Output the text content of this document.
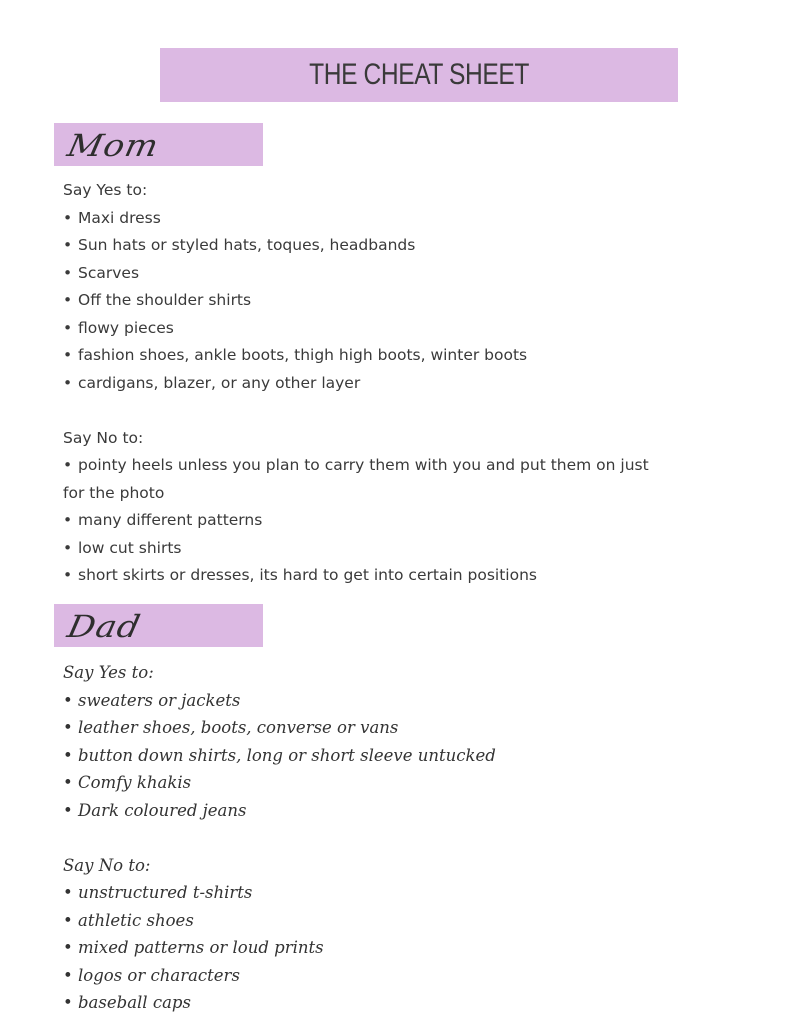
THE CHEAT SHEET
Mom
Say Yes to:
• Maxi dress
• Sun hats or styled hats, toques, headbands
• Scarves
• Off the shoulder shirts
• flowy pieces
• fashion shoes, ankle boots, thigh high boots, winter boots
• cardigans, blazer, or any other layer
Say No to:
• pointy heels unless you plan to carry them with you and put them on just
for the photo
• many different patterns
• low cut shirts
• short skirts or dresses, its hard to get into certain positions
Dad
Say Yes to:
• sweaters or jackets
• leather shoes, boots, converse or vans
• button down shirts, long or short sleeve untucked
• Comfy khakis
• Dark coloured jeans
Say No to:
• unstructured t-shirts
• athletic shoes
• mixed patterns or loud prints
• logos or characters
• baseball caps
